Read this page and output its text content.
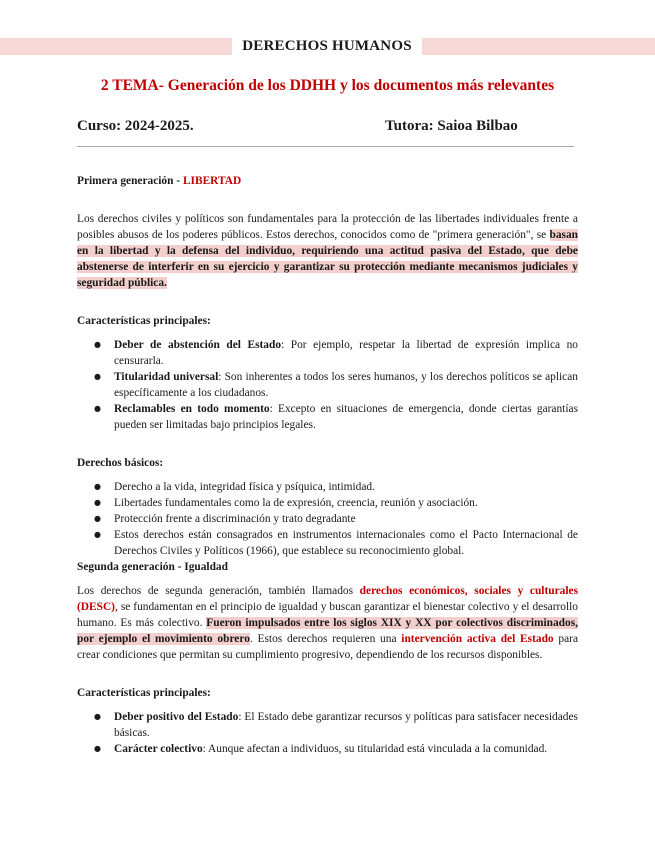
DERECHOS HUMANOS
2 TEMA- Generación de los DDHH y los documentos más relevantes
Curso: 2024-2025.	Tutora: Saioa Bilbao

Primera generación - LIBERTAD

Los derechos civiles y políticos son fundamentales para la protección de las libertades individuales frente a posibles abusos de los poderes públicos. Estos derechos, conocidos como de "primera generación", se basan en la libertad y la defensa del individuo, requiriendo una actitud pasiva del Estado, que debe abstenerse de interferir en su ejercicio y garantizar su protección mediante mecanismos judiciales y seguridad pública.

Características principales:

● Deber de abstención del Estado: Por ejemplo, respetar la libertad de expresión implica no censurarla.
● Titularidad universal: Son inherentes a todos los seres humanos, y los derechos políticos se aplican específicamente a los ciudadanos.
● Reclamables en todo momento: Excepto en situaciones de emergencia, donde ciertas garantías pueden ser limitadas bajo principios legales.

Derechos básicos:

● Derecho a la vida, integridad física y psíquica, intimidad.
● Libertades fundamentales como la de expresión, creencia, reunión y asociación.
● Protección frente a discriminación y trato degradante
● Estos derechos están consagrados en instrumentos internacionales como el Pacto Internacional de Derechos Civiles y Políticos (1966), que establece su reconocimiento global.

Segunda generación - Igualdad

Los derechos de segunda generación, también llamados derechos económicos, sociales y culturales (DESC), se fundamentan en el principio de igualdad y buscan garantizar el bienestar colectivo y el desarrollo humano. Es más colectivo. Fueron impulsados entre los siglos XIX y XX por colectivos discriminados, por ejemplo el movimiento obrero. Estos derechos requieren una intervención activa del Estado para crear condiciones que permitan su cumplimiento progresivo, dependiendo de los recursos disponibles.

Características principales:

● Deber positivo del Estado: El Estado debe garantizar recursos y políticas para satisfacer necesidades básicas.
● Carácter colectivo: Aunque afectan a individuos, su titularidad está vinculada a la comunidad.
